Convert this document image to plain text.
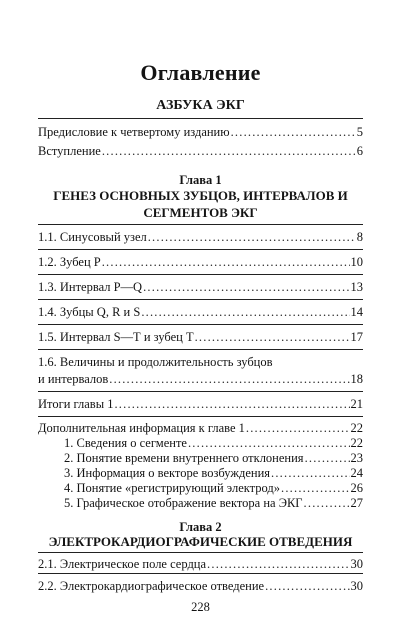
Оглавление
АЗБУКА ЭКГ
Предисловие к четвертому изданию .....	5
Вступление .....	6
Глава 1
ГЕНЕЗ ОСНОВНЫХ ЗУБЦОВ, ИНТЕРВАЛОВ И
СЕГМЕНТОВ ЭКГ
1.1. Синусовый узел .....	8
1.2. Зубец Р .....	10
1.3. Интервал Р—Q .....	13
1.4. Зубцы Q, R и S .....	14
1.5. Интервал S—Т и зубец Т .....	17
1.6. Величины и продолжительность зубцов
и интервалов .....	18
Итоги главы 1 .....	21
Дополнительная информация к главе 1 .....	22
1. Сведения о сегменте .....	22
2. Понятие времени внутреннего отклонения .....	23
3. Информация о векторе возбуждения .....	24
4. Понятие «регистрирующий электрод» .....	26
5. Графическое отображение вектора на ЭКГ .....	27
Глава 2
ЭЛЕКТРОКАРДИОГРАФИЧЕСКИЕ ОТВЕДЕНИЯ
2.1. Электрическое поле сердца .....	30
228
2.2. Электрокардиографическое отведение .....	30
